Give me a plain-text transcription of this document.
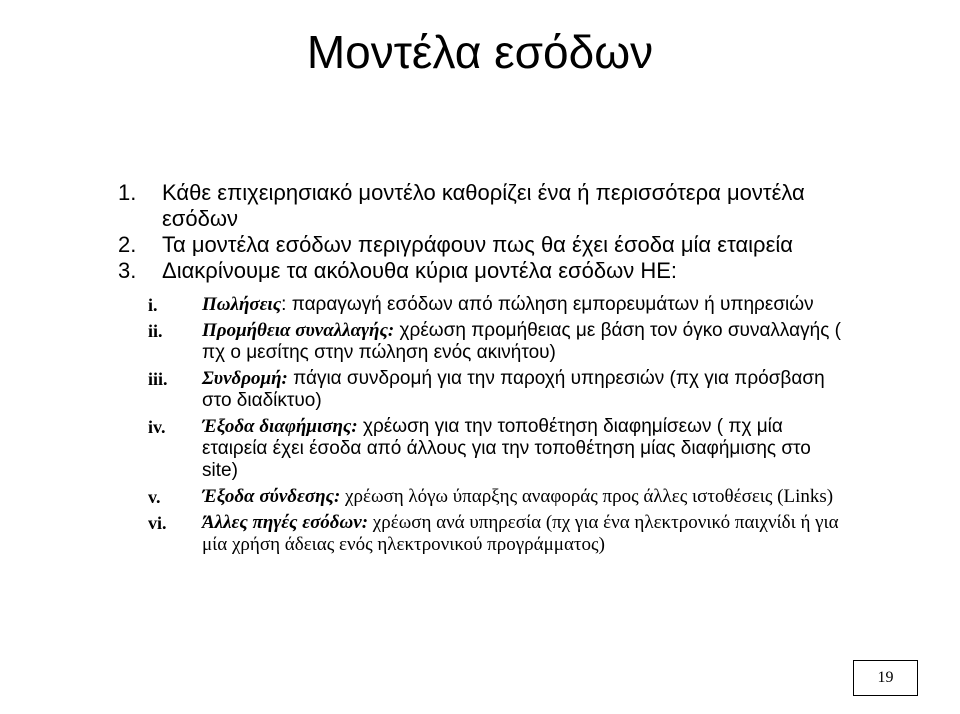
Μοντέλα εσόδων
1. Κάθε επιχειρησιακό μοντέλο καθορίζει ένα ή περισσότερα μοντέλα εσόδων
2. Τα μοντέλα εσόδων περιγράφουν πως θα έχει έσοδα μία εταιρεία
3. Διακρίνουμε τα ακόλουθα κύρια μοντέλα εσόδων ΗΕ:
i. Πωλήσεις: παραγωγή εσόδων από πώληση εμπορευμάτων ή υπηρεσιών
ii. Προμήθεια συναλλαγής: χρέωση προμήθειας με βάση τον όγκο συναλλαγής ( πχ ο μεσίτης στην πώληση ενός ακινήτου)
iii. Συνδρομή: πάγια συνδρομή για την παροχή υπηρεσιών (πχ για πρόσβαση στο διαδίκτυο)
iv. Έξοδα διαφήμισης: χρέωση για την τοποθέτηση διαφημίσεων ( πχ μία εταιρεία έχει έσοδα από άλλους για την τοποθέτηση μίας διαφήμισης στο site)
v. Έξοδα σύνδεσης: χρέωση λόγω ύπαρξης αναφοράς προς άλλες ιστοθέσεις (Links)
vi. Άλλες πηγές εσόδων: χρέωση ανά υπηρεσία (πχ για ένα ηλεκτρονικό παιχνίδι ή για μία χρήση άδειας ενός ηλεκτρονικού προγράμματος)
19
